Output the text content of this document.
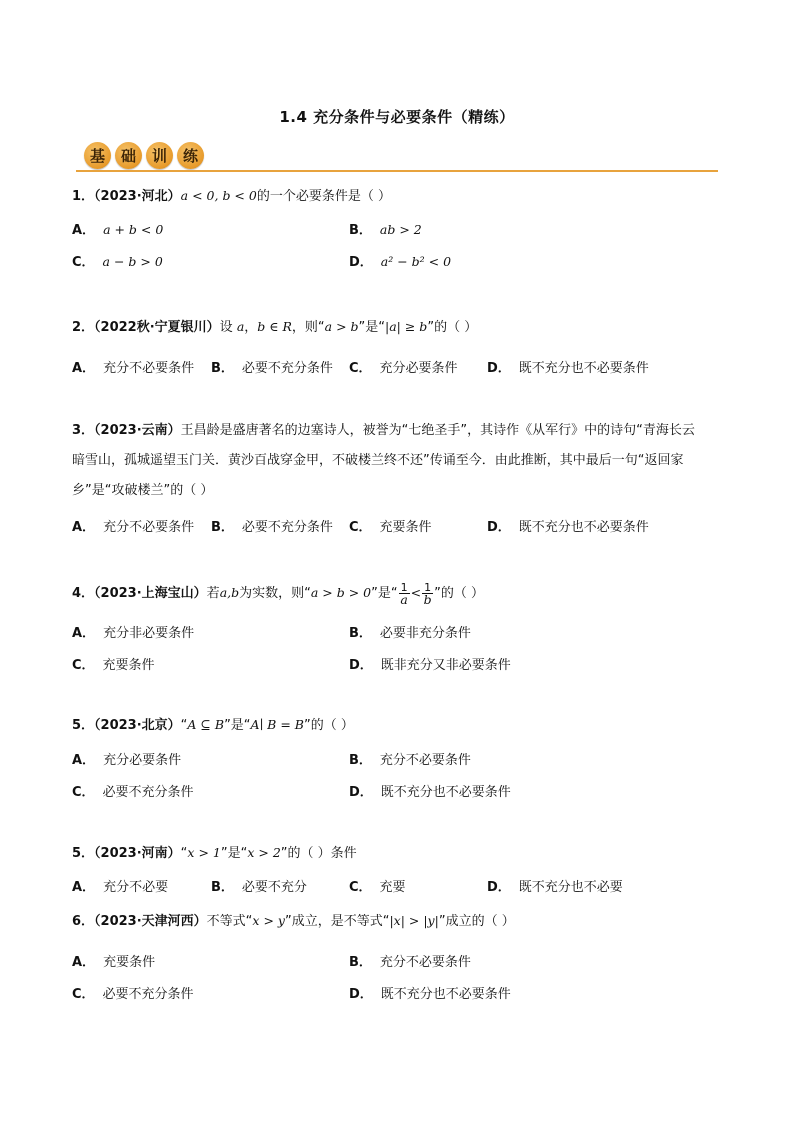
1.4 充分条件与必要条件（精练）
基	础	训	练
1．（2023·河北）a < 0, b < 0的一个必要条件是（ ）
A． a + b < 0	B． ab > 2
C． a − b > 0	D． a² − b² < 0
2．（2022秋·宁夏银川）设 a，b ∈ R，则“a > b”是“|a| ≥ b”的（ ）
A． 充分不必要条件 B． 必要不充分条件 C． 充分必要条件 D． 既不充分也不必要条件
3．（2023·云南）王昌龄是盛唐著名的边塞诗人，被誉为“七绝圣手”，其诗作《从军行》中的诗句“青海长云
暗雪山，孤城遥望玉门关．黄沙百战穿金甲，不破楼兰终不还”传诵至今．由此推断，其中最后一句“返回家
乡”是“攻破楼兰”的（ ）
A． 充分不必要条件 B． 必要不充分条件 C． 充要条件	D． 既不充分也不必要条件
4．（2023·上海宝山）若a,b为实数，则“a > b > 0”是“ $\frac{1}{a} < \frac{1}{b}$ ”的（ ）
A． 充分非必要条件	B． 必要非充分条件
C． 充要条件	D． 既非充分又非必要条件
5．（2023·北京）“A ⊆ B”是“A∣ B = B”的（ ）
A． 充分必要条件	B． 充分不必要条件
C． 必要不充分条件	D． 既不充分也不必要条件
5．（2023·河南）“x > 1”是“x > 2”的（ ）条件
A． 充分不必要	B． 必要不充分	C． 充要	D． 既不充分也不必要
6．（2023·天津河西）不等式“x > y”成立，是不等式“|x| > |y|”成立的（ ）
A． 充要条件	B． 充分不必要条件
C． 必要不充分条件	D． 既不充分也不必要条件
